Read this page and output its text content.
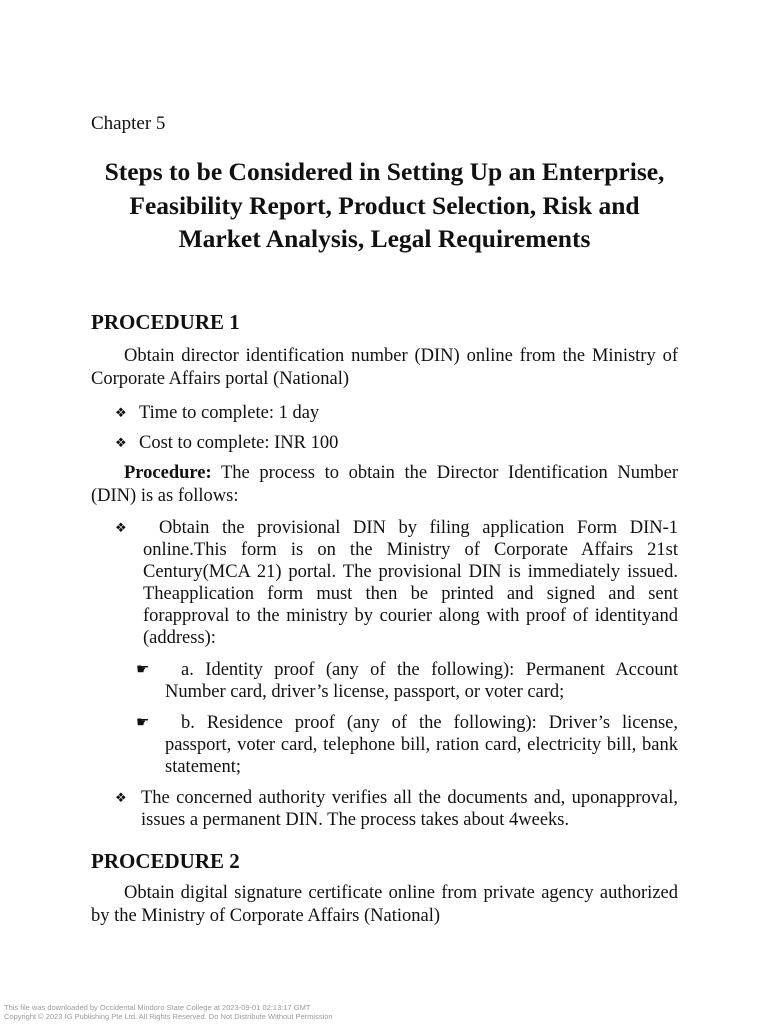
Chapter 5
Steps to be Considered in Setting Up an Enterprise, Feasibility Report, Product Selection, Risk and Market Analysis, Legal Requirements
PROCEDURE 1
Obtain director identification number (DIN) online from the Ministry of Corporate Affairs portal (National)
❖ Time to complete: 1 day
❖ Cost to complete: INR 100
Procedure: The process to obtain the Director Identification Number (DIN) is as follows:
❖	Obtain the provisional DIN by filing application Form DIN-1 online.This form is on the Ministry of Corporate Affairs 21st Century(MCA 21) portal. The provisional DIN is immediately issued. Theapplication form must then be printed and signed and sent forapproval to the ministry by courier along with proof of identityand (address):
☛	a. Identity proof (any of the following): Permanent Account Number card, driver’s license, passport, or voter card;
☛	b. Residence proof (any of the following): Driver’s license, passport, voter card, telephone bill, ration card, electricity bill, bank statement;
❖ The concerned authority verifies all the documents and, uponapproval, issues a permanent DIN. The process takes about 4weeks.
PROCEDURE 2
Obtain digital signature certificate online from private agency authorized by the Ministry of Corporate Affairs (National)
This file was downloaded by Occidental Mindoro State College at 2023-09-01 02:13:17 GMT
Copyright © 2023 IG Publishing Pte Ltd. All Rights Reserved. Do Not Distribute Without Permission
